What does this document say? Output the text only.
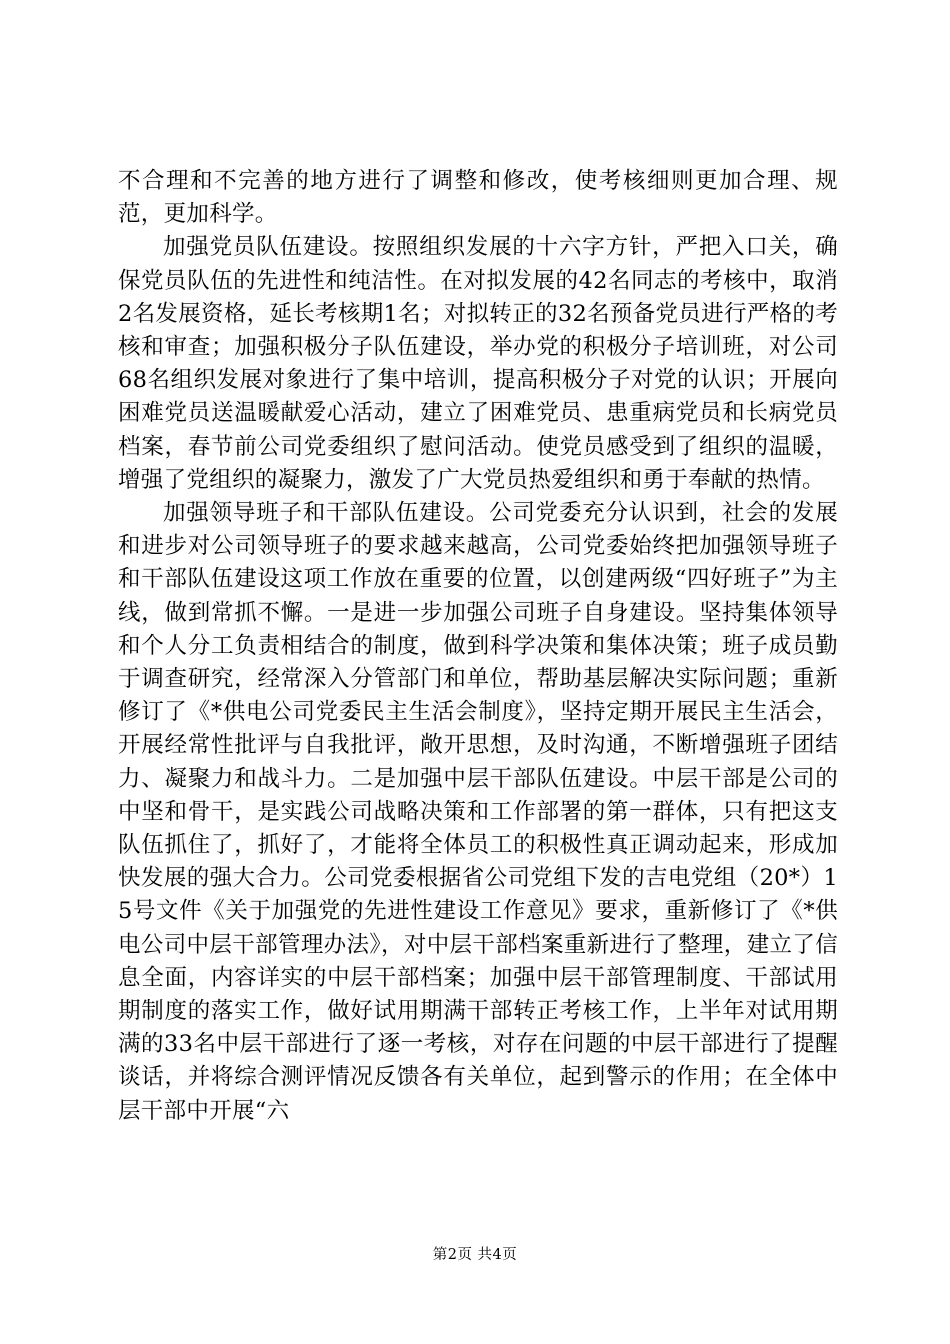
不合理和不完善的地方进行了调整和修改，使考核细则更加合理、规范，更加科学。

加强党员队伍建设。按照组织发展的十六字方针，严把入口关，确保党员队伍的先进性和纯洁性。在对拟发展的42名同志的考核中，取消2名发展资格，延长考核期1名；对拟转正的32名预备党员进行严格的考核和审查；加强积极分子队伍建设，举办党的积极分子培训班，对公司68名组织发展对象进行了集中培训，提高积极分子对党的认识；开展向困难党员送温暖献爱心活动，建立了困难党员、患重病党员和长病党员档案，春节前公司党委组织了慰问活动。使党员感受到了组织的温暖，增强了党组织的凝聚力，激发了广大党员热爱组织和勇于奉献的热情。

加强领导班子和干部队伍建设。公司党委充分认识到，社会的发展和进步对公司领导班子的要求越来越高，公司党委始终把加强领导班子和干部队伍建设这项工作放在重要的位置，以创建两级“四好班子”为主线，做到常抓不懈。一是进一步加强公司班子自身建设。坚持集体领导和个人分工负责相结合的制度，做到科学决策和集体决策；班子成员勤于调查研究，经常深入分管部门和单位，帮助基层解决实际问题；重新修订了《*供电公司党委民主生活会制度》，坚持定期开展民主生活会，开展经常性批评与自我批评，敞开思想，及时沟通，不断增强班子团结力、凝聚力和战斗力。二是加强中层干部队伍建设。中层干部是公司的中坚和骨干，是实践公司战略决策和工作部署的第一群体，只有把这支队伍抓住了，抓好了，才能将全体员工的积极性真正调动起来，形成加快发展的强大合力。公司党委根据省公司党组下发的吉电党组（20*）15号文件《关于加强党的先进性建设工作意见》要求，重新修订了《*供电公司中层干部管理办法》，对中层干部档案重新进行了整理，建立了信息全面，内容详实的中层干部档案；加强中层干部管理制度、干部试用期制度的落实工作，做好试用期满干部转正考核工作，上半年对试用期满的33名中层干部进行了逐一考核，对存在问题的中层干部进行了提醒谈话，并将综合测评情况反馈各有关单位，起到警示的作用；在全体中层干部中开展“六

第2页 共4页
